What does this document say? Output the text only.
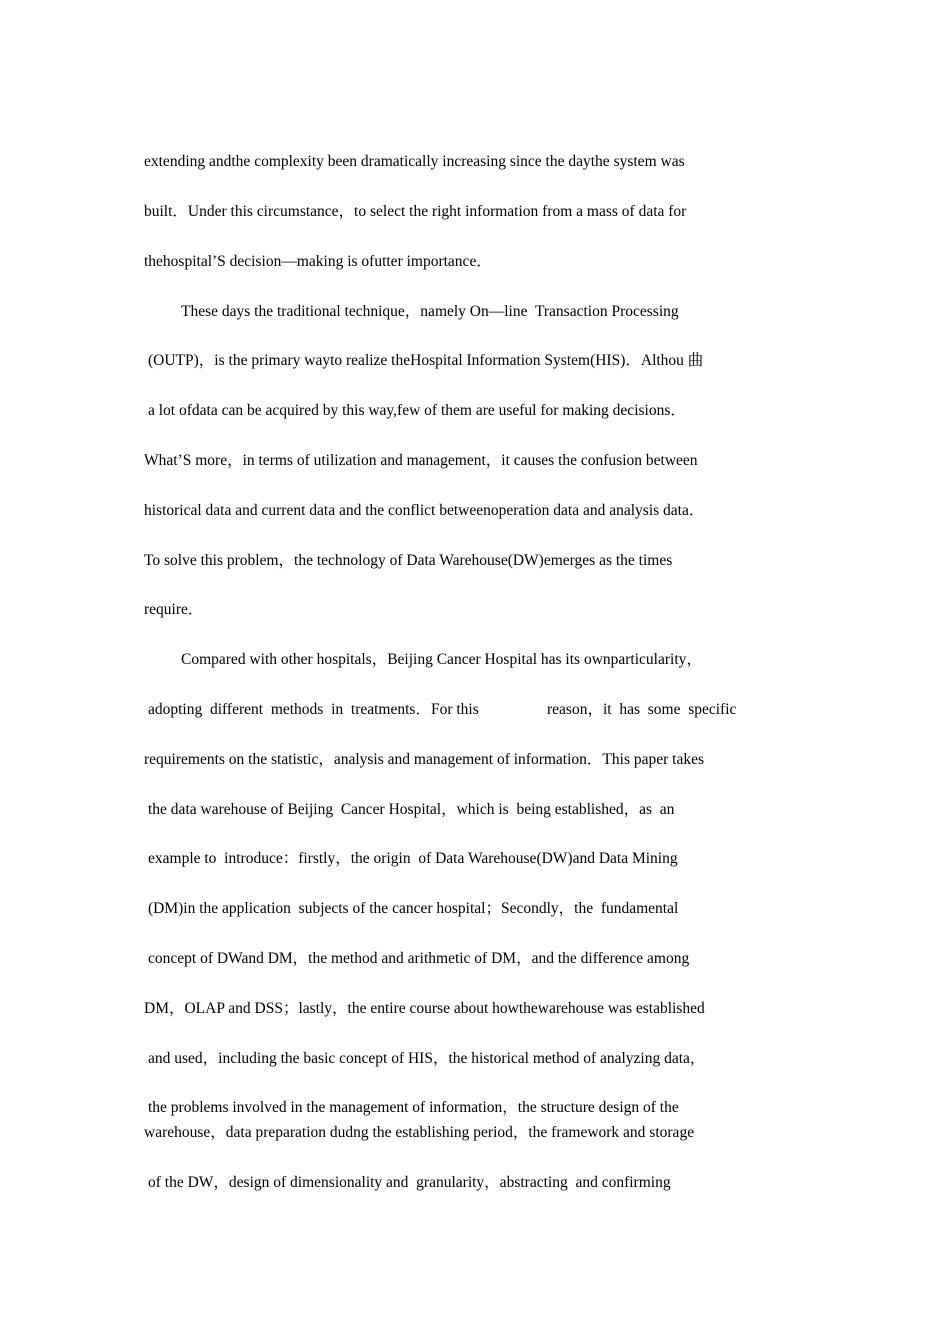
extending andthe complexity been dramatically increasing since the daythe system was
built．Under this circumstance，to select the right information from a mass of data for
thehospital’S decision—making is ofutter importance．
These days the traditional technique，namely On—line  Transaction Processing
(OUTP)，is the primary wayto realize theHospital Information System(HIS)．Althou 曲
a lot ofdata can be acquired by this way,few of them are useful for making decisions．
What’S more，in terms of utilization and management，it causes the confusion between
historical data and current data and the conflict betweenoperation data and analysis data．
To solve this problem，the technology of Data Warehouse(DW)emerges as the times
require．
Compared with other hospitals，Beijing Cancer Hospital has its ownparticularity，
adopting  different  methods  in  treatments．For this	reason，it  has  some  specific
requirements on the statistic，analysis and management of information．This paper takes
the data warehouse of Beijing  Cancer Hospital，which is  being established，as  an
example to  introduce：firstly，the origin  of Data Warehouse(DW)and Data Mining
(DM)in the application  subjects of the cancer hospital；Secondly，the  fundamental
concept of DWand DM，the method and arithmetic of DM，and the difference among
DM，OLAP and DSS；lastly，the entire course about howthewarehouse was established
and used，including the basic concept of HIS，the historical method of analyzing data，
the problems involved in the management of information，the structure design of the
warehouse，data preparation dudng the establishing period，the framework and storage
of the DW，design of dimensionality and  granularity，abstracting  and confirming
